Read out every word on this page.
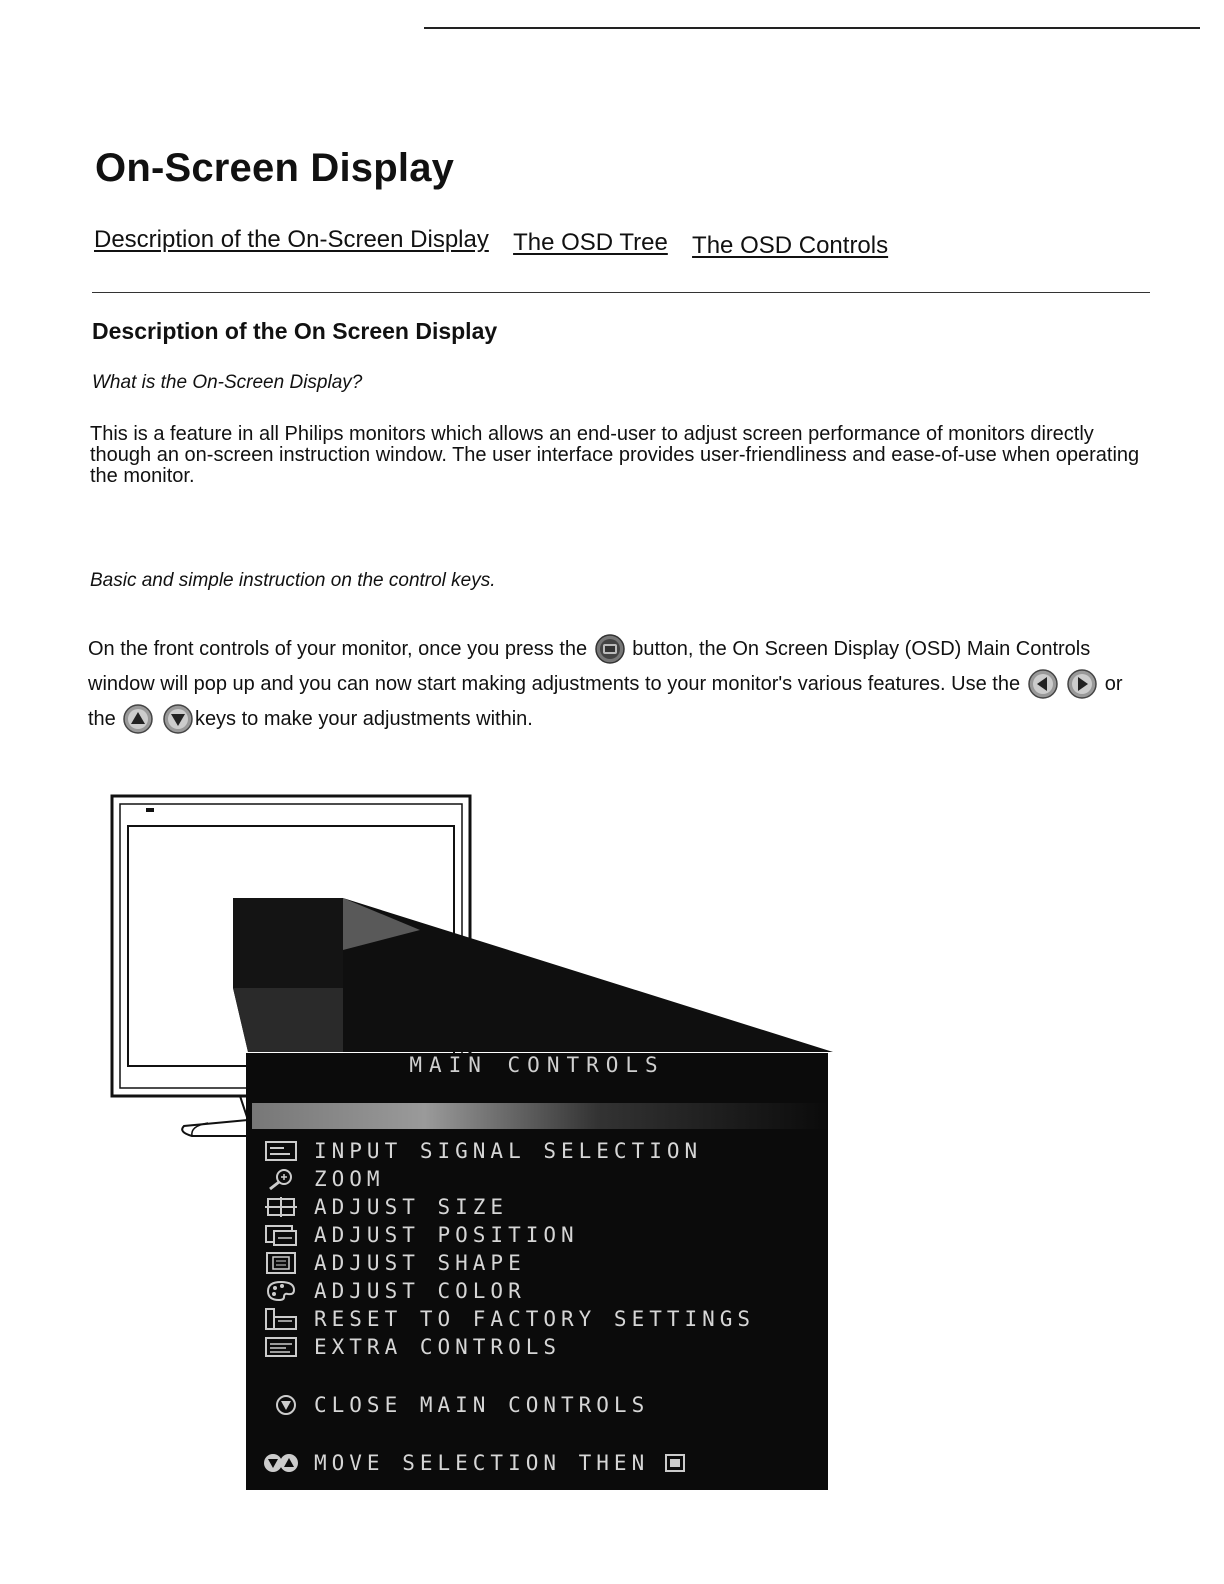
On-Screen Display
Description of the On-Screen Display The OSD Tree The OSD Controls
Description of the On Screen Display
What is the On-Screen Display?

This is a feature in all Philips monitors which allows an end-user to adjust screen performance of monitors directly though an on-screen instruction window. The user interface provides user-friendliness and ease-of-use when operating the monitor.

Basic and simple instruction on the control keys.

On the front controls of your monitor, once you press the button, the On Screen Display (OSD) Main Controls window will pop up and you can now start making adjustments to your monitor's various features. Use the	or the	keys to make your adjustments within.

MAIN CONTROLS
INPUT SIGNAL SELECTION
ZOOM
ADJUST SIZE
ADJUST POSITION
ADJUST SHAPE
ADJUST COLOR
RESET TO FACTORY SETTINGS
EXTRA CONTROLS
CLOSE MAIN CONTROLS
MOVE SELECTION THEN
